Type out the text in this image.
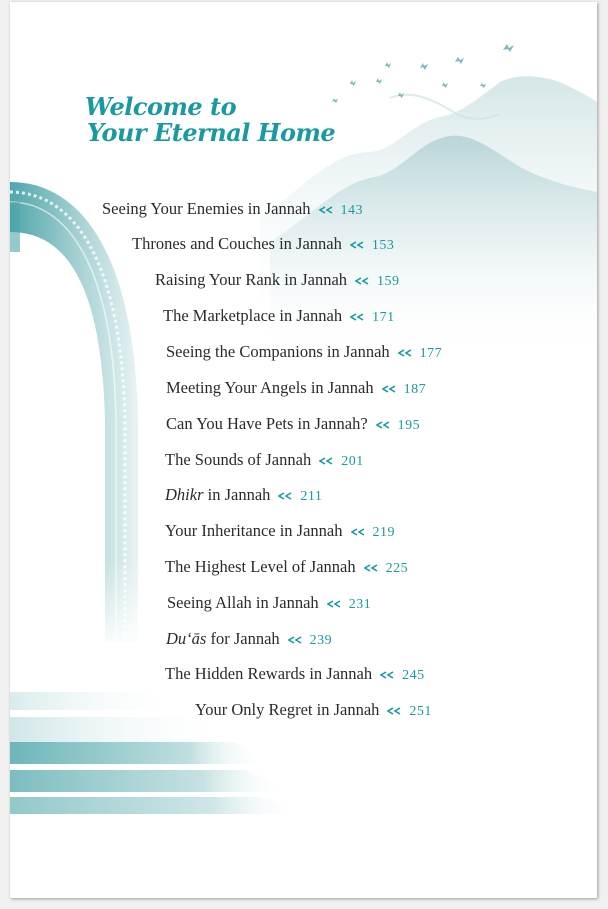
Welcome to
Your Eternal Home
Seeing Your Enemies in Jannah 143
Thrones and Couches in Jannah 153
Raising Your Rank in Jannah 159
The Marketplace in Jannah 171
Seeing the Companions in Jannah 177
Meeting Your Angels in Jannah 187
Can You Have Pets in Jannah? 195
The Sounds of Jannah 201
Dhikr in Jannah 211
Your Inheritance in Jannah 219
The Highest Level of Jannah 225
Seeing Allah in Jannah 231
Du‘ās for Jannah 239
The Hidden Rewards in Jannah 245
Your Only Regret in Jannah 251
